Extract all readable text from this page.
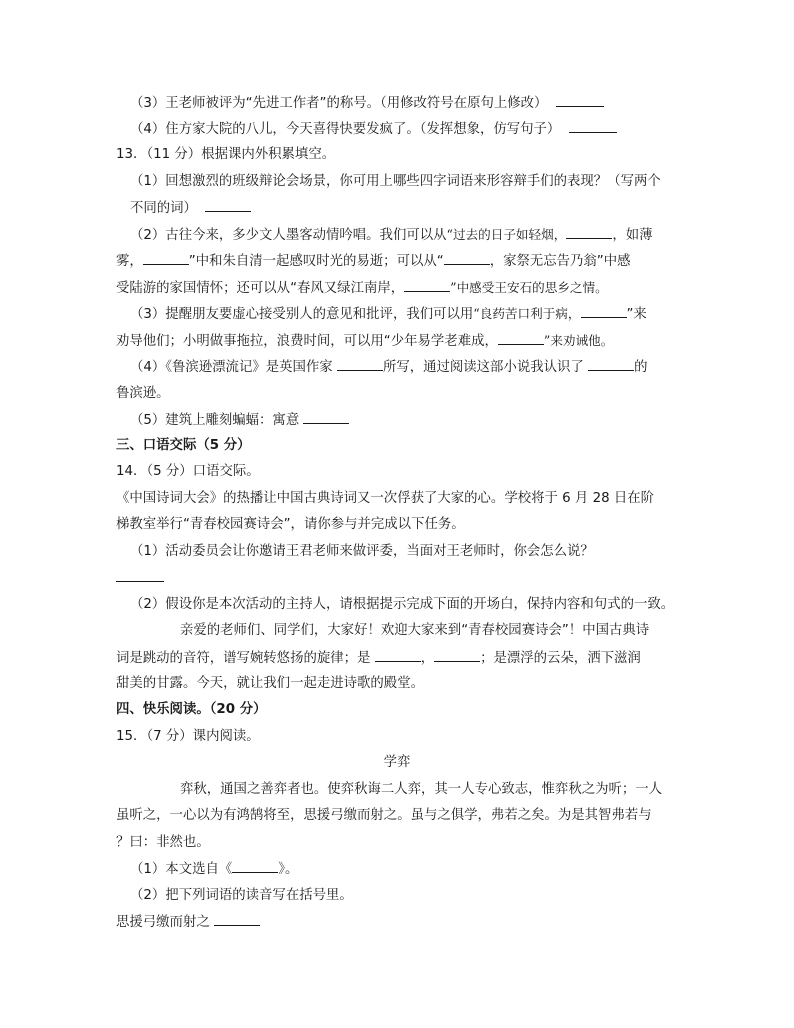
（3）王老师被评为“先进工作者”的称号。（用修改符号在原句上修改）
（4）住方家大院的八儿，今天喜得快要发疯了。（发挥想象，仿写句子）
13．（11 分）根据课内外积累填空。
（1）回想激烈的班级辩论会场景，你可用上哪些四字词语来形容辩手们的表现？（写两个
不同的词）
（2）古往今来，多少文人墨客动情吟唱。我们可以从“过去的日子如轻烟，	，如薄
雾，	”中和朱自清一起感叹时光的易逝；可以从“	，家祭无忘告乃翁”中感
受陆游的家国情怀；还可以从“春风又绿江南岸，	”中感受王安石的思乡之情。
（3）提醒朋友要虚心接受别人的意见和批评，我们可以用“良药苦口利于病，	”来
劝导他们；小明做事拖拉，浪费时间，可以用“少年易学老难成，	”来劝诫他。
（4）《鲁滨逊漂流记》是英国作家	所写，通过阅读这部小说我认识了	的
鲁滨逊。
（5）建筑上雕刻蝙蝠：寓意
三、口语交际（5 分）
14．（5 分）口语交际。
《中国诗词大会》的热播让中国古典诗词又一次俘获了大家的心。学校将于 6 月 28 日在阶
梯教室举行“青春校园赛诗会”，请你参与并完成以下任务。
（1）活动委员会让你邀请王君老师来做评委，当面对王老师时，你会怎么说？
（2）假设你是本次活动的主持人，请根据提示完成下面的开场白，保持内容和句式的一致。
亲爱的老师们、同学们，大家好！欢迎大家来到“青春校园赛诗会”！中国古典诗
词是跳动的音符，谱写婉转悠扬的旋律；是	，	；是漂浮的云朵，洒下滋润
甜美的甘露。今天，就让我们一起走进诗歌的殿堂。
四、快乐阅读。（20 分）
15．（7 分）课内阅读。
学弈
弈秋，通国之善弈者也。使弈秋诲二人弈，其一人专心致志，惟弈秋之为听；一人
虽听之，一心以为有鸿鹄将至，思援弓缴而射之。虽与之俱学，弗若之矣。为是其智弗若与
？曰：非然也。
（1）本文选自《	》。
（2）把下列词语的读音写在括号里。
思援弓缴而射之
